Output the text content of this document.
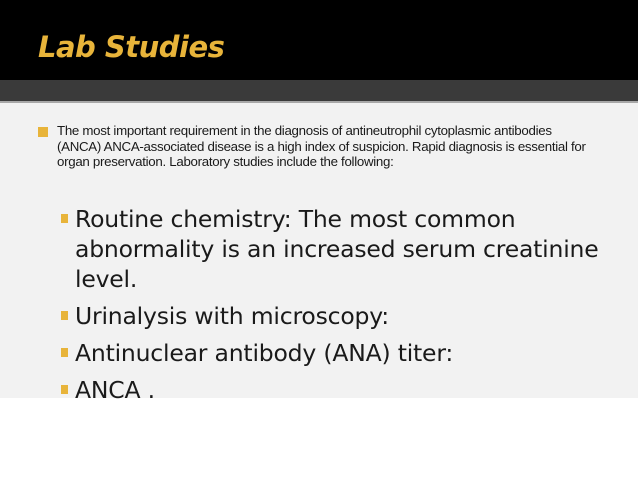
Lab Studies

The most important requirement in the diagnosis of antineutrophil cytoplasmic antibodies (ANCA) ANCA-associated disease is a high index of suspicion. Rapid diagnosis is essential for organ preservation. Laboratory studies include the following:

Routine chemistry: The most common abnormality is an increased serum creatinine level.
Urinalysis with microscopy:
Antinuclear antibody (ANA) titer:
ANCA .
